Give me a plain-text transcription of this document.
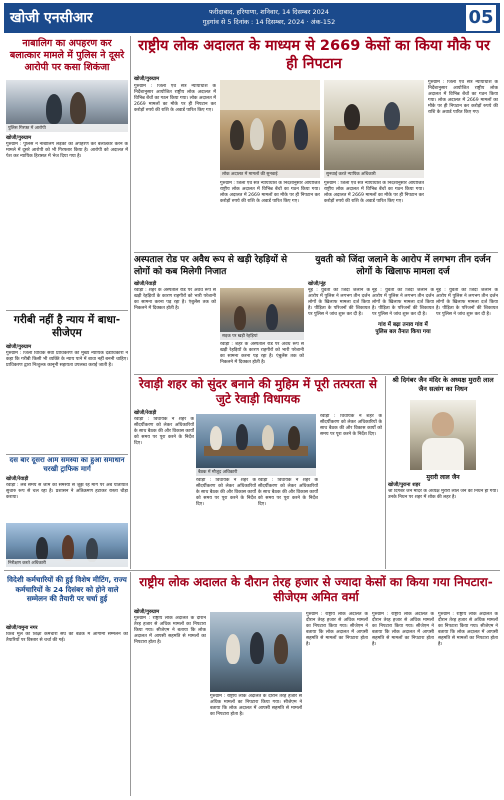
खोजी एनसीआर	फरीदाबाद, हरियाणा, शनिवार, 14 दिसम्बर 2024
गुड़गांव से 5 दिनांक : 14 दिसम्बर, 2024 · अंक-152	05
नाबालिग का अपहरण कर बलात्कार मामले में पुलिस ने दूसरे आरोपी पर कसा शिकंजा
पुलिस गिरफ्त में आरोपी
खोजी/गुरुग्राम
गुरुग्राम : पुलिस ने नाबालिग लड़की का अपहरण कर बलात्कार करने के मामले में दूसरे आरोपी को भी गिरफ्तार किया है। आरोपी को अदालत में पेश कर न्यायिक हिरासत में भेज दिया गया है।
गरीबी नहीं है न्याय में बाधा-सीजेएम
खोजी/गुरुग्राम
गुरुग्राम : जिला विधिक सेवा प्राधिकरण की मुख्य न्यायिक दंडाधिकारी ने कहा कि गरीबी किसी भी व्यक्ति के न्याय पाने में बाधा नहीं बननी चाहिए। प्राधिकरण द्वारा निःशुल्क कानूनी सहायता उपलब्ध कराई जाती है।
दस बार दूसरा आम समस्या का हुआ समाधान चरखी ट्राफिक मार्ग
खोजी/रेवाड़ी
रेवाड़ी : लंबे समय से जाम की समस्या से जूझ रहे मार्ग पर अब यातायात सुचारु रूप से चल रहा है। प्रशासन ने अतिक्रमण हटाकर रास्ता चौड़ा कराया।
निरीक्षण करते अधिकारी
राष्ट्रीय लोक अदालत के माध्यम से 2669 केसों का किया मौके पर ही निपटान
खोजी/गुरुग्राम
गुरुग्राम : जिला एवं सत्र न्यायाधीश के निर्देशानुसार आयोजित राष्ट्रीय लोक अदालत में विभिन्न बेंचों का गठन किया गया। लोक अदालत में 2669 मामलों का मौके पर ही निपटान कर करोड़ों रुपये की राशि के अवार्ड पारित किए गए।
लोक अदालत में मामलों की सुनवाई	सुनवाई करते न्यायिक अधिकारी
गुरुग्राम : जिला एवं सत्र न्यायाधीश के निर्देशानुसार आयोजित राष्ट्रीय लोक अदालत में विभिन्न बेंचों का गठन किया गया। लोक अदालत में 2669 मामलों का मौके पर ही निपटान कर करोड़ों रुपये की राशि के अवार्ड पारित किए गए।
गुरुग्राम : जिला एवं सत्र न्यायाधीश के निर्देशानुसार आयोजित राष्ट्रीय लोक अदालत में विभिन्न बेंचों का गठन किया गया। लोक अदालत में 2669 मामलों का मौके पर ही निपटान कर करोड़ों रुपये की राशि के अवार्ड पारित किए गए।
गुरुग्राम : जिला एवं सत्र न्यायाधीश के निर्देशानुसार आयोजित राष्ट्रीय लोक अदालत में विभिन्न बेंचों का गठन किया गया। लोक अदालत में 2669 मामलों का मौके पर ही निपटान कर करोड़ों रुपये की राशि के अवार्ड पारित किए गए।
अस्पताल रोड पर अवैध रूप से खड़ी रेहड़ियों से लोगों को कब मिलेगी निजात
खोजी/रेवाड़ी
रेवाड़ी : शहर के अस्पताल रोड पर अवैध रूप से खड़ी रेहड़ियों के कारण राहगीरों को भारी परेशानी का सामना करना पड़ रहा है। एंबुलेंस तक को निकलने में दिक्कत होती है।
सड़क पर खड़ी रेहड़ियां
रेवाड़ी : शहर के अस्पताल रोड पर अवैध रूप से खड़ी रेहड़ियों के कारण राहगीरों को भारी परेशानी का सामना करना पड़ रहा है। एंबुलेंस तक को निकलने में दिक्कत होती है।
युवती को जिंदा जलाने के आरोप में लगभग तीन दर्जन लोगों के खिलाफ मामला दर्ज
खोजी/नूंह
नूंह : युवती को जिंदा जलाने के आरोप में पुलिस ने लगभग तीन दर्जन लोगों के खिलाफ मामला दर्ज किया है। पीड़िता के परिजनों की शिकायत पर पुलिस ने जांच शुरू कर दी है।
नूंह : युवती को जिंदा जलाने के आरोप में पुलिस ने लगभग तीन दर्जन लोगों के खिलाफ मामला दर्ज किया है। पीड़िता के परिजनों की शिकायत पर पुलिस ने जांच शुरू कर दी है।
गांव में बढ़ा तनाव गांव में पुलिस बल तैनात किया गया
नूंह : युवती को जिंदा जलाने के आरोप में पुलिस ने लगभग तीन दर्जन लोगों के खिलाफ मामला दर्ज किया है। पीड़िता के परिजनों की शिकायत पर पुलिस ने जांच शुरू कर दी है।
रेवाड़ी शहर को सुंदर बनाने की मुहिम में पूरी तत्परता से जुटे रेवाड़ी विधायक
खोजी/रेवाड़ी
रेवाड़ी : विधायक ने शहर के सौंदर्यीकरण को लेकर अधिकारियों के साथ बैठक की और विकास कार्यों को समय पर पूरा करने के निर्देश दिए।
बैठक में मौजूद अधिकारी
रेवाड़ी : विधायक ने शहर के सौंदर्यीकरण को लेकर अधिकारियों के साथ बैठक की और विकास कार्यों को समय पर पूरा करने के निर्देश दिए।
रेवाड़ी : विधायक ने शहर के सौंदर्यीकरण को लेकर अधिकारियों के साथ बैठक की और विकास कार्यों को समय पर पूरा करने के निर्देश दिए।
रेवाड़ी : विधायक ने शहर के सौंदर्यीकरण को लेकर अधिकारियों के साथ बैठक की और विकास कार्यों को समय पर पूरा करने के निर्देश दिए।
श्री दिगंबर जैन मंदिर के अध्यक्ष मुरारी लाल जैन सत्संग का निधन
मुरारी लाल जैन
खोजी/पुराना शहर
श्री दिगंबर जैन मंदिर के अध्यक्ष मुरारी लाल जैन का निधन हो गया। उनके निधन पर शहर में शोक की लहर है।
विदेशी कर्मचारियों की हुई विशेष मीटिंग, राज्य कर्मचारियों के 24 दिसंबर को होने वाले सम्मेलन की तैयारी पर चर्चा हुई
खोजी/यमुना नगर
विश्व मूल की शिक्षा कर्मचारी संघ की बैठक में आगामी सम्मेलन की तैयारियों पर विस्तार से चर्चा की गई।
राष्ट्रीय लोक अदालत के दौरान तेरह हजार से ज्यादा केसों का किया गया निपटारा-सीजेएम अमित वर्मा
खोजी/गुरुग्राम
गुरुग्राम : राष्ट्रीय लोक अदालत के दौरान तेरह हजार से अधिक मामलों का निपटारा किया गया। सीजेएम ने बताया कि लोक अदालत में आपसी सहमति से मामलों का निपटारा होता है।
गुरुग्राम : राष्ट्रीय लोक अदालत के दौरान तेरह हजार से अधिक मामलों का निपटारा किया गया। सीजेएम ने बताया कि लोक अदालत में आपसी सहमति से मामलों का निपटारा होता है।
गुरुग्राम : राष्ट्रीय लोक अदालत के दौरान तेरह हजार से अधिक मामलों का निपटारा किया गया। सीजेएम ने बताया कि लोक अदालत में आपसी सहमति से मामलों का निपटारा होता है।
गुरुग्राम : राष्ट्रीय लोक अदालत के दौरान तेरह हजार से अधिक मामलों का निपटारा किया गया। सीजेएम ने बताया कि लोक अदालत में आपसी सहमति से मामलों का निपटारा होता है।
गुरुग्राम : राष्ट्रीय लोक अदालत के दौरान तेरह हजार से अधिक मामलों का निपटारा किया गया। सीजेएम ने बताया कि लोक अदालत में आपसी सहमति से मामलों का निपटारा होता है।
